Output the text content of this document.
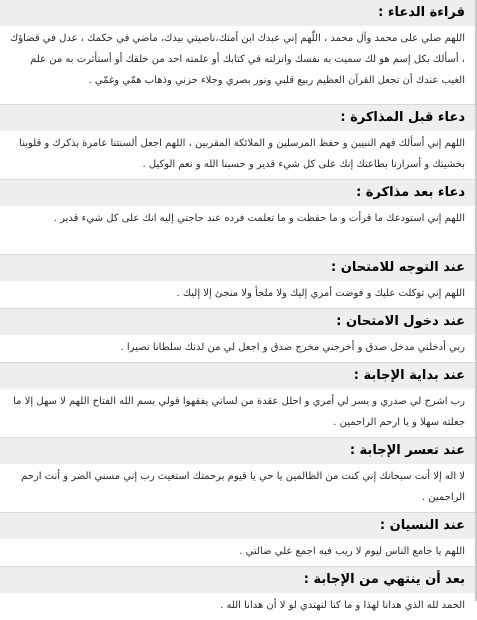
قراءة الدعاء :
اللهم صلي على محمد وآل محمد ، اللّهم إني عبدك ابن أمتك،ناصيتي بيدك، ماضي في حكمك ، عدل في قضاؤك ، أسألك بكل إسم هو لك سميت به نفسك وانزلته في كتابك أو علمته احد من خلقك أو أستأثرت به من علم الغيب عندك أن تجعل القرآن العظيم ربيع قلبي ونور بصري وجلاء حزني وذهاب همّي وغمّي .
دعاء قبل المذاكرة :
اللهم إني أسألك فهم النبيين و حفظ المرسلين و الملائكة المقربين ، اللهم اجعل ألسنتنا عامرة بذكرك و قلوبنا بخشيتك و أسرارنا بطاعتك إنك على كل شيء قدير و حسبنا الله و نعم الوكيل .
دعاء بعد مذاكرة :
اللهم إني استودعك ما قرأت و ما حفظت و ما تعلمت فرده عند حاجتي إليه انك على كل شيء قدير .
عند التوجه للامتحان :
اللهم إني توكلت عليك و فوضت أمري إليك ولا ملجأ ولا منجئ إلا إليك .
عند دخول الامتحان :
ربي أدخلني مدخل صدق و أخرجني مخرج صدق و اجعل لي من لدنك سلطانا نصيرا .
عند بداية الإجابة :
رب اشرح لي صدري و يسر لي أمري و احلل عقدة من لساني يفقهوا قولي بسم الله الفتاح اللهم لا سهل إلا ما جعلته سهلا و يا ارحم الراحمين .
عند تعسر الإجابة :
لا اله إلا أنت سبحانك إني كنت من الظالمين يا حي يا قيوم برحمتك استغيث رب إني مسني الضر و أنت ارحم الراحمين .
عند النسيان :
اللهم يا جامع الناس ليوم لا ريب فيه اجمع علي ضالتي .
بعد أن ينتهي من الإجابة :
الحمد لله الذي هدانا لهذا و ما كنا لنهتدي لو لا أن هدانا الله .
